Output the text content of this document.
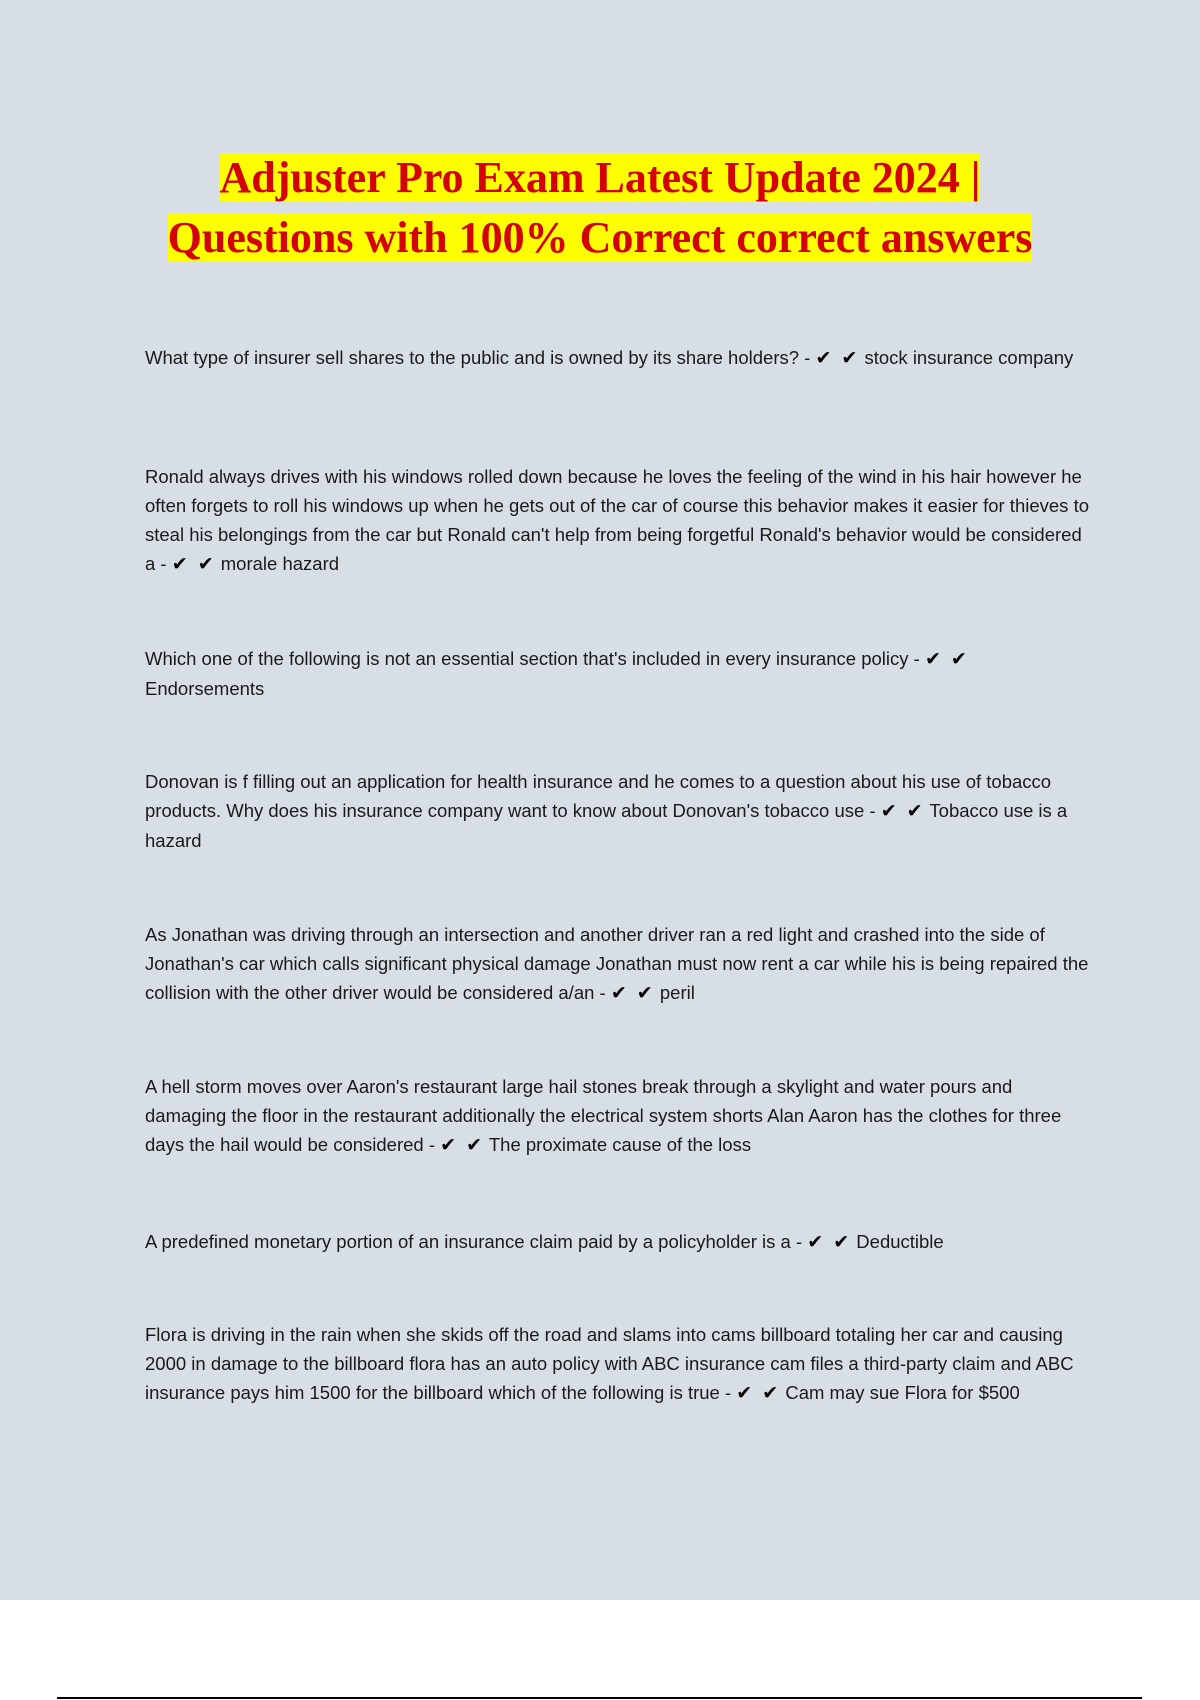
Adjuster Pro Exam Latest Update 2024 | Questions with 100% Correct correct answers

What type of insurer sell shares to the public and is owned by its share holders? - ✔ ✔ stock insurance company

Ronald always drives with his windows rolled down because he loves the feeling of the wind in his hair however he often forgets to roll his windows up when he gets out of the car of course this behavior makes it easier for thieves to steal his belongings from the car but Ronald can't help from being forgetful Ronald's behavior would be considered a - ✔ ✔ morale hazard

Which one of the following is not an essential section that's included in every insurance policy - ✔ ✔ Endorsements

Donovan is f filling out an application for health insurance and he comes to a question about his use of tobacco products. Why does his insurance company want to know about Donovan's tobacco use - ✔ ✔ Tobacco use is a hazard

As Jonathan was driving through an intersection and another driver ran a red light and crashed into the side of Jonathan's car which calls significant physical damage Jonathan must now rent a car while his is being repaired the collision with the other driver would be considered a/an - ✔ ✔ peril

A hell storm moves over Aaron's restaurant large hail stones break through a skylight and water pours and damaging the floor in the restaurant additionally the electrical system shorts Alan Aaron has the clothes for three days the hail would be considered - ✔ ✔ The proximate cause of the loss

A predefined monetary portion of an insurance claim paid by a policyholder is a - ✔ ✔ Deductible

Flora is driving in the rain when she skids off the road and slams into cams billboard totaling her car and causing 2000 in damage to the billboard flora has an auto policy with ABC insurance cam files a third-party claim and ABC insurance pays him 1500 for the billboard which of the following is true - ✔ ✔ Cam may sue Flora for $500
